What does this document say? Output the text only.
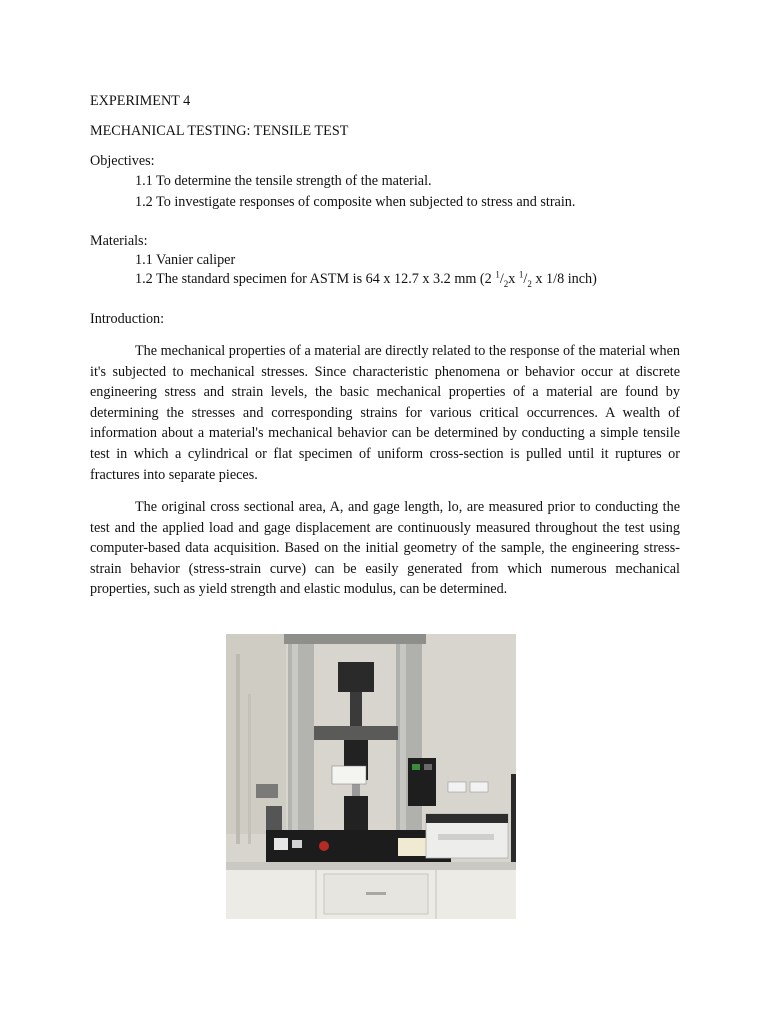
EXPERIMENT 4
MECHANICAL TESTING: TENSILE TEST
Objectives:
1.1 To determine the tensile strength of the material.
1.2 To investigate responses of composite when subjected to stress and strain.
Materials:
1.1 Vanier caliper
1.2 The standard specimen for ASTM is 64 x 12.7 x 3.2 mm (2 $^1/_2x$ $^1/_2$ x 1/8 inch)
Introduction:
The mechanical properties of a material are directly related to the response of the material when it's subjected to mechanical stresses. Since characteristic phenomena or behavior occur at discrete engineering stress and strain levels, the basic mechanical properties of a material are found by determining the stresses and corresponding strains for various critical occurrences. A wealth of information about a material's mechanical behavior can be determined by conducting a simple tensile test in which a cylindrical or flat specimen of uniform cross-section is pulled until it ruptures or fractures into separate pieces.
The original cross sectional area, A, and gage length, lo, are measured prior to conducting the test and the applied load and gage displacement are continuously measured throughout the test using computer-based data acquisition. Based on the initial geometry of the sample, the engineering stress-strain behavior (stress-strain curve) can be easily generated from which numerous mechanical properties, such as yield strength and elastic modulus, can be determined.
